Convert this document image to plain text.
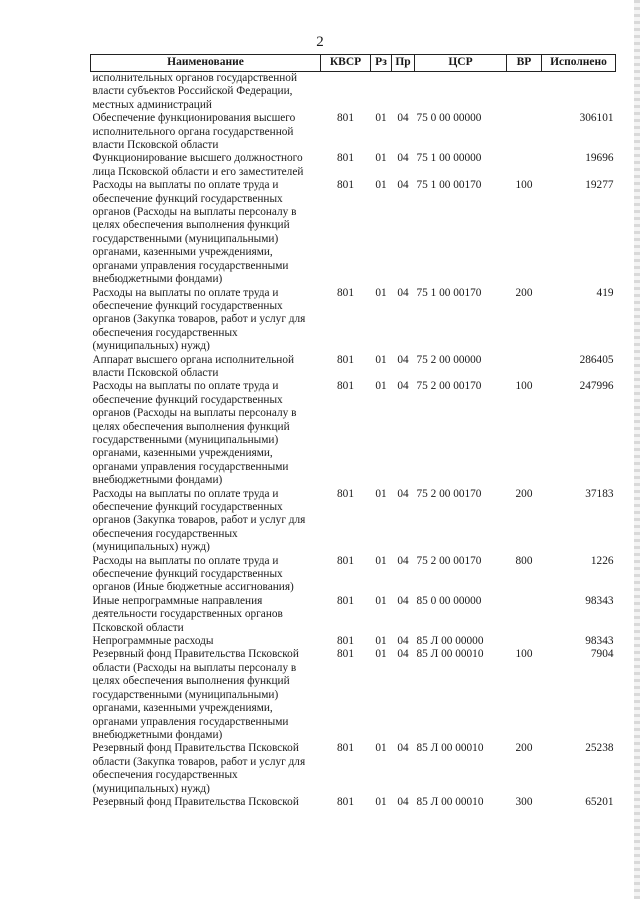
2
Наименование	КВСР	Рз	Пр	ЦСР	ВР	Исполнено
исполнительных органов государственной власти субъектов Российской Федерации, местных администраций						
Обеспечение функционирования высшего исполнительного органа государственной власти Псковской области	801	01	04	75 0 00 00000		306101
Функционирование высшего должностного лица Псковской области и его заместителей	801	01	04	75 1 00 00000		19696
Расходы на выплаты по оплате труда и обеспечение функций государственных органов (Расходы на выплаты персоналу в целях обеспечения выполнения функций государственными (муниципальными) органами, казенными учреждениями, органами управления государственными внебюджетными фондами)	801	01	04	75 1 00 00170	100	19277
Расходы на выплаты по оплате труда и обеспечение функций государственных органов (Закупка товаров, работ и услуг для обеспечения государственных (муниципальных) нужд)	801	01	04	75 1 00 00170	200	419
Аппарат высшего органа исполнительной власти Псковской области	801	01	04	75 2 00 00000		286405
Расходы на выплаты по оплате труда и обеспечение функций государственных органов (Расходы на выплаты персоналу в целях обеспечения выполнения функций государственными (муниципальными) органами, казенными учреждениями, органами управления государственными внебюджетными фондами)	801	01	04	75 2 00 00170	100	247996
Расходы на выплаты по оплате труда и обеспечение функций государственных органов (Закупка товаров, работ и услуг для обеспечения государственных (муниципальных) нужд)	801	01	04	75 2 00 00170	200	37183
Расходы на выплаты по оплате труда и обеспечение функций государственных органов (Иные бюджетные ассигнования)	801	01	04	75 2 00 00170	800	1226
Иные непрограммные направления деятельности государственных органов Псковской области	801	01	04	85 0 00 00000		98343
Непрограммные расходы	801	01	04	85 Л 00 00000		98343
Резервный фонд Правительства Псковской области (Расходы на выплаты персоналу в целях обеспечения выполнения функций государственными (муниципальными) органами, казенными учреждениями, органами управления государственными внебюджетными фондами)	801	01	04	85 Л 00 00010	100	7904
Резервный фонд Правительства Псковской области (Закупка товаров, работ и услуг для обеспечения государственных (муниципальных) нужд)	801	01	04	85 Л 00 00010	200	25238
Резервный фонд Правительства Псковской	801	01	04	85 Л 00 00010	300	65201
